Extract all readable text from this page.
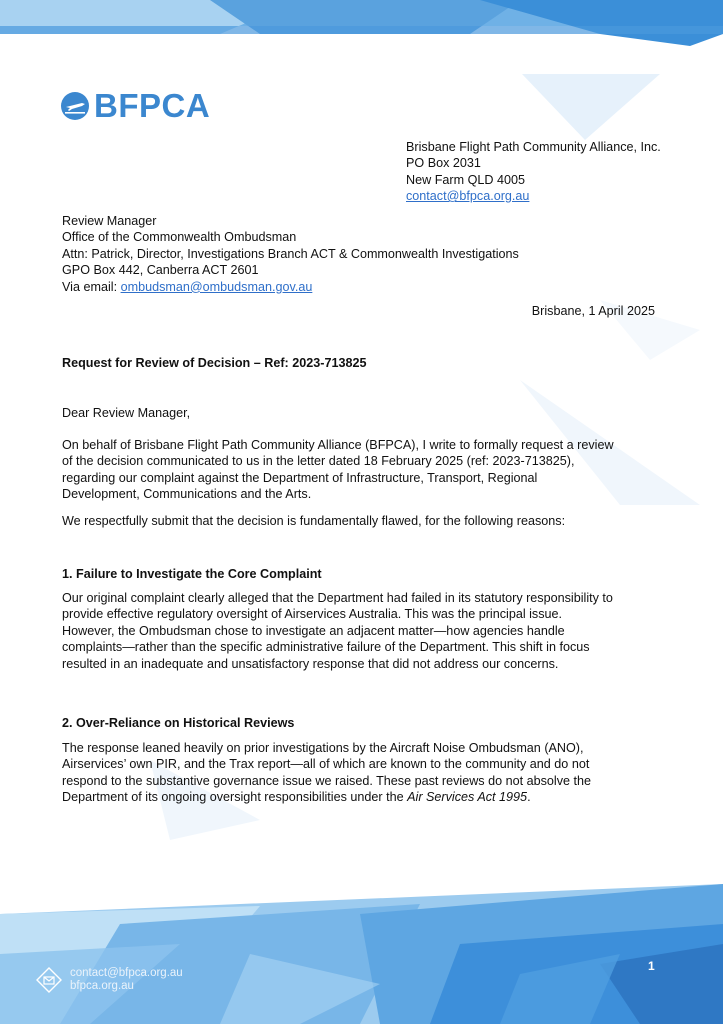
BFPCA
Brisbane Flight Path Community Alliance, Inc.
PO Box 2031
New Farm QLD 4005
contact@bfpca.org.au
Review Manager
Office of the Commonwealth Ombudsman
Attn: Patrick, Director, Investigations Branch ACT & Commonwealth Investigations
GPO Box 442, Canberra ACT 2601
Via email: ombudsman@ombudsman.gov.au
Brisbane, 1 April 2025
Request for Review of Decision – Ref: 2023-713825
Dear Review Manager,
On behalf of Brisbane Flight Path Community Alliance (BFPCA), I write to formally request a review
of the decision communicated to us in the letter dated 18 February 2025 (ref: 2023-713825),
regarding our complaint against the Department of Infrastructure, Transport, Regional
Development, Communications and the Arts.
We respectfully submit that the decision is fundamentally flawed, for the following reasons:
1. Failure to Investigate the Core Complaint
Our original complaint clearly alleged that the Department had failed in its statutory responsibility to
provide effective regulatory oversight of Airservices Australia. This was the principal issue.
However, the Ombudsman chose to investigate an adjacent matter—how agencies handle
complaints—rather than the specific administrative failure of the Department. This shift in focus
resulted in an inadequate and unsatisfactory response that did not address our concerns.
2. Over-Reliance on Historical Reviews
The response leaned heavily on prior investigations by the Aircraft Noise Ombudsman (ANO),
Airservices’ own PIR, and the Trax report—all of which are known to the community and do not
respond to the substantive governance issue we raised. These past reviews do not absolve the
Department of its ongoing oversight responsibilities under the Air Services Act 1995.
contact@bfpca.org.au
bfpca.org.au
1
